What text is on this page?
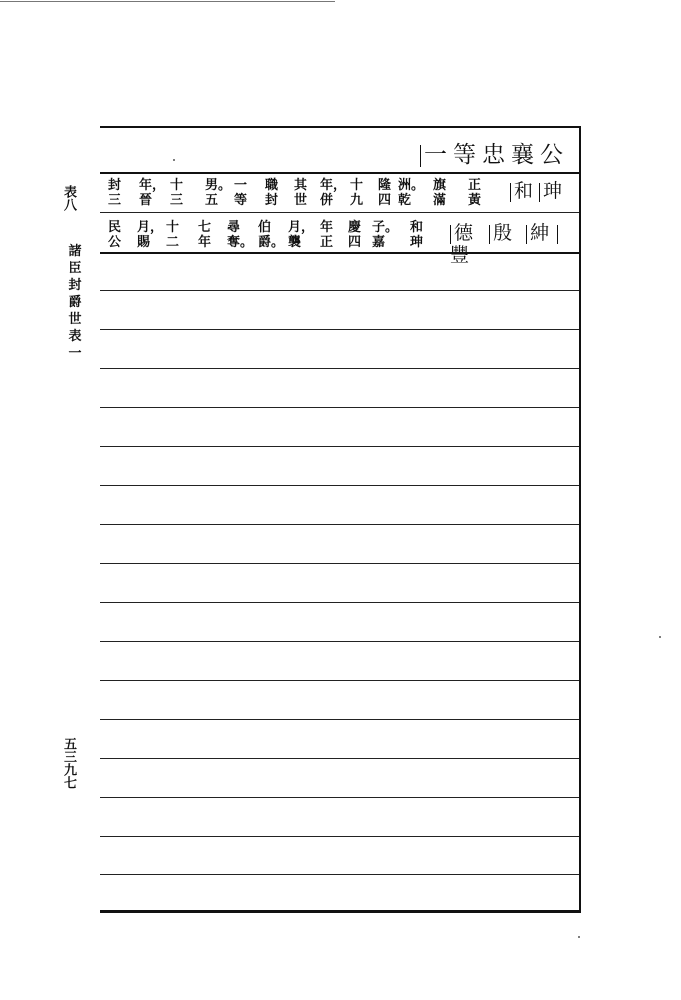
表八
諸
臣
封
爵
世
表
一
五三九七
一等忠襄公
和 珅
正
黃
旗
滿
洲。
乾
隆
四
十
九
年，
併
其
世
職
封
一
等
男。
五
十
三
年，
晉
封
三
德 殷 紳 豐
和
珅
子。
嘉
慶
四
年
正
月，
襲
伯
爵。
尋
奪。
七
年
十
二
月，
賜
民
公
